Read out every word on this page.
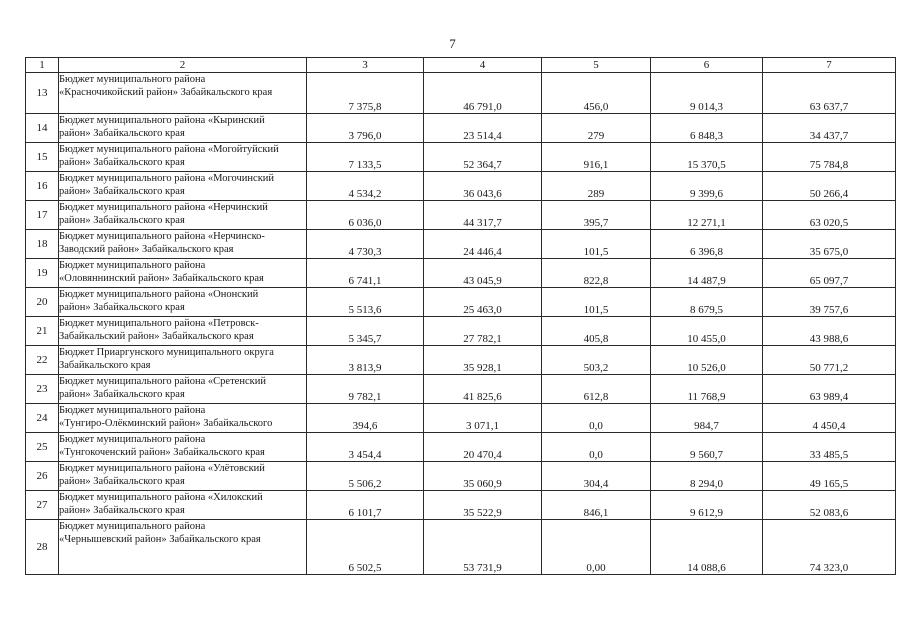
7
1	2	3	4	5	6	7
13	Бюджет муниципального района
«Красночикойский район» Забайкальского края	7 375,8	46 791,0	456,0	9 014,3	63 637,7
14	Бюджет муниципального района «Кыринский
район» Забайкальского края	3 796,0	23 514,4	279	6 848,3	34 437,7
15	Бюджет муниципального района «Могойтуйский
район» Забайкальского края	7 133,5	52 364,7	916,1	15 370,5	75 784,8
16	Бюджет муниципального района «Могочинский
район» Забайкальского края	4 534,2	36 043,6	289	9 399,6	50 266,4
17	Бюджет муниципального района «Нерчинский
район» Забайкальского края	6 036,0	44 317,7	395,7	12 271,1	63 020,5
18	Бюджет муниципального района «Нерчинско-
Заводский район» Забайкальского края	4 730,3	24 446,4	101,5	6 396,8	35 675,0
19	Бюджет муниципального района
«Оловяннинский район» Забайкальского края	6 741,1	43 045,9	822,8	14 487,9	65 097,7
20	Бюджет муниципального района «Ононский
район» Забайкальского края	5 513,6	25 463,0	101,5	8 679,5	39 757,6
21	Бюджет муниципального района «Петровск-
Забайкальский район» Забайкальского края	5 345,7	27 782,1	405,8	10 455,0	43 988,6
22	Бюджет Приаргунского муниципального округа
Забайкальского края	3 813,9	35 928,1	503,2	10 526,0	50 771,2
23	Бюджет муниципального района «Сретенский
район» Забайкальского края	9 782,1	41 825,6	612,8	11 768,9	63 989,4
24	Бюджет муниципального района
«Тунгиро-Олёкминский район» Забайкальского	394,6	3 071,1	0,0	984,7	4 450,4
25	Бюджет муниципального района
«Тунгокоченский район» Забайкальского края	3 454,4	20 470,4	0,0	9 560,7	33 485,5
26	Бюджет муниципального района «Улётовский
район» Забайкальского края	5 506,2	35 060,9	304,4	8 294,0	49 165,5
27	Бюджет муниципального района «Хилокский
район» Забайкальского края	6 101,7	35 522,9	846,1	9 612,9	52 083,6
28	Бюджет муниципального района
«Чернышевский район» Забайкальского края	6 502,5	53 731,9	0,00	14 088,6	74 323,0
